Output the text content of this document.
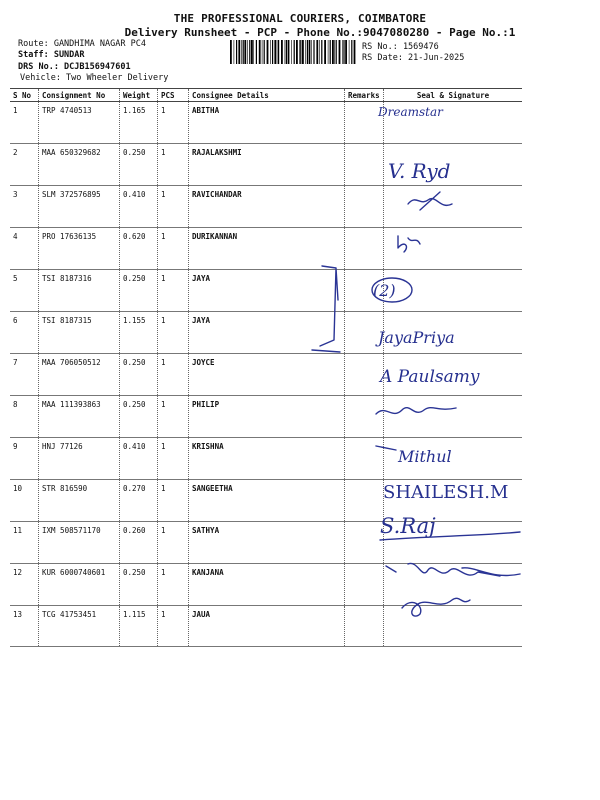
THE PROFESSIONAL COURIERS, COIMBATORE
Delivery Runsheet - PCP - Phone No.:9047080280 - Page No.:1
Route: GANDHIMA NAGAR PC4
Staff: SUNDAR
DRS No.: DCJB156947601
Vehicle: Two Wheeler Delivery
RS No.: 1569476
RS Date: 21-Jun-2025
S No	Consignment No	Weight	PCS	Consignee Details	Remarks	Seal & Signature
1	TRP 4740513	1.165	1	ABITHA		
2	MAA 650329682	0.250	1	RAJALAKSHMI		
3	SLM 372576895	0.410	1	RAVICHANDAR		
4	PRO 17636135	0.620	1	DURIKANNAN		
5	TSI 8187316	0.250	1	JAYA		
6	TSI 8187315	1.155	1	JAYA		
7	MAA 706050512	0.250	1	JOYCE		
8	MAA 111393863	0.250	1	PHILIP		
9	HNJ 77126	0.410	1	KRISHNA		
10	STR 816590	0.270	1	SANGEETHA		
11	IXM 508571170	0.260	1	SATHYA		
12	KUR 6000740601	0.250	1	KANJANA		
13	TCG 41753451	1.115	1	JAUA		
Dreamstar
V. Ryd
(2)
JayaPriya
A Paulsamy
Mithul
SHAILESH.M
S.Raj
